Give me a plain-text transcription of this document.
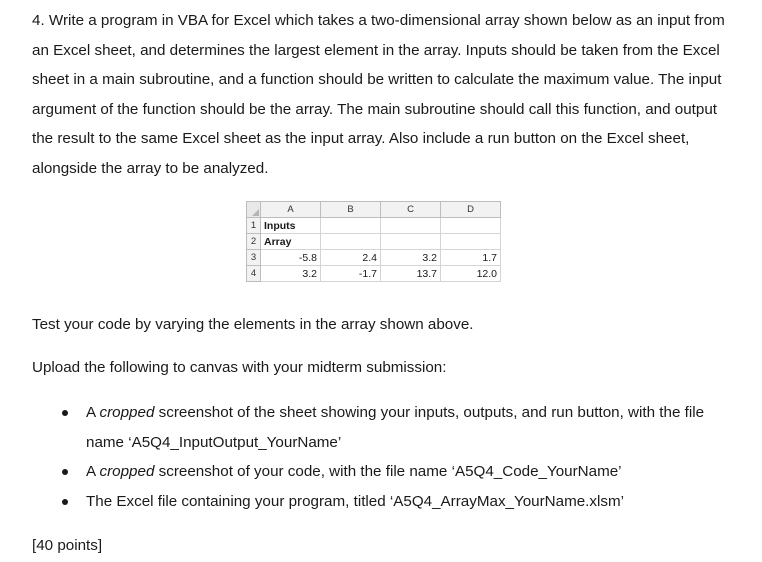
4. Write a program in VBA for Excel which takes a two-dimensional array shown below as an input from
an Excel sheet, and determines the largest element in the array. Inputs should be taken from the Excel
sheet in a main subroutine, and a function should be written to calculate the maximum value. The input
argument of the function should be the array. The main subroutine should call this function, and output
the result to the same Excel sheet as the input array. Also include a run button on the Excel sheet,
alongside the array to be analyzed.

	A	B	C	D
1	Inputs			
2	Array			
3	-5.8	2.4	3.2	1.7
4	3.2	-1.7	13.7	12.0

Test your code by varying the elements in the array shown above.

Upload the following to canvas with your midterm submission:

A cropped screenshot of the sheet showing your inputs, outputs, and run button, with the file
name ‘A5Q4_InputOutput_YourName’
A cropped screenshot of your code, with the file name ‘A5Q4_Code_YourName’
The Excel file containing your program, titled ‘A5Q4_ArrayMax_YourName.xlsm’

[40 points]
